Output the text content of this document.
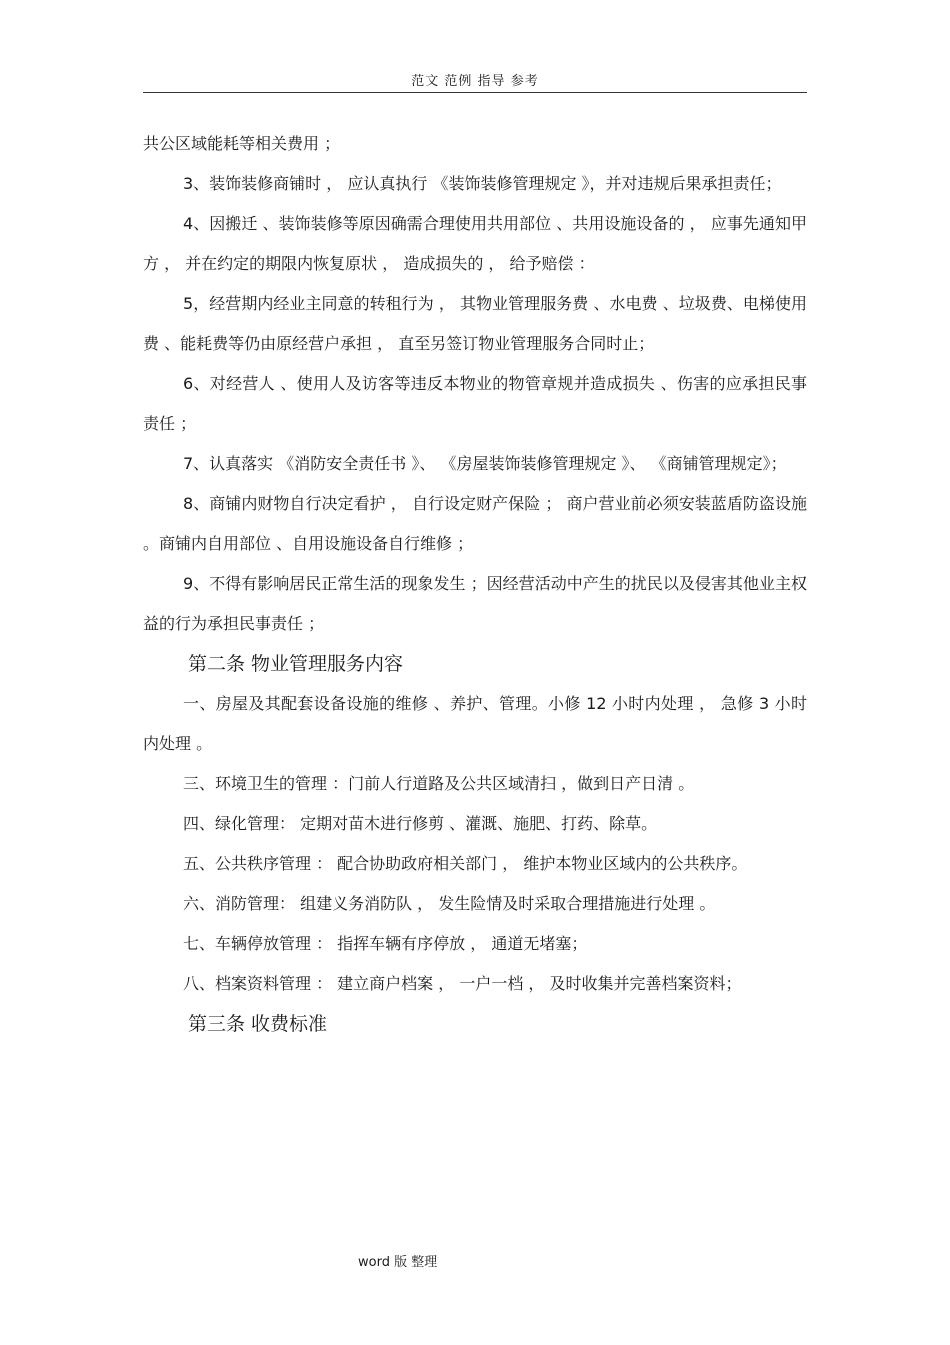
范文 范例 指导 参考

共公区域能耗等相关费用 ；

3、装饰装修商铺时 ， 应认真执行 《装饰装修管理规定 》，并对违规后果承担责任；

4、因搬迁 、装饰装修等原因确需合理使用共用部位 、共用设施设备的 ， 应事先通知甲方 ， 并在约定的期限内恢复原状 ， 造成损失的 ， 给予赔偿 ：

5，经营期内经业主同意的转租行为 ， 其物业管理服务费 、水电费 、垃圾费、电梯使用费 、能耗费等仍由原经营户承担 ， 直至另签订物业管理服务合同时止；

6、对经营人 、使用人及访客等违反本物业的物管章规并造成损失 、伤害的应承担民事责任 ；

7、认真落实 《消防安全责任书 》、 《房屋装饰装修管理规定 》、 《商铺管理规定》；

8、商铺内财物自行决定看护 ， 自行设定财产保险 ； 商户营业前必须安装蓝盾防盗设施 。商铺内自用部位 、自用设施设备自行维修 ；

9、不得有影响居民正常生活的现象发生 ；因经营活动中产生的扰民以及侵害其他业主权益的行为承担民事责任 ；

第二条 物业管理服务内容

一、房屋及其配套设备设施的维修 、养护、管理。小修 12 小时内处理 ， 急修 3 小时内处理 。

三、环境卫生的管理 ：门前人行道路及公共区域清扫 ，做到日产日清 。

四、绿化管理： 定期对苗木进行修剪 、灌溉、施肥、打药、除草。

五、公共秩序管理 ： 配合协助政府相关部门 ， 维护本物业区域内的公共秩序。

六、消防管理： 组建义务消防队 ， 发生险情及时采取合理措施进行处理 。

七、车辆停放管理 ： 指挥车辆有序停放 ， 通道无堵塞；

八、档案资料管理 ： 建立商户档案 ， 一户一档 ， 及时收集并完善档案资料；

第三条 收费标准

word 版 整理
